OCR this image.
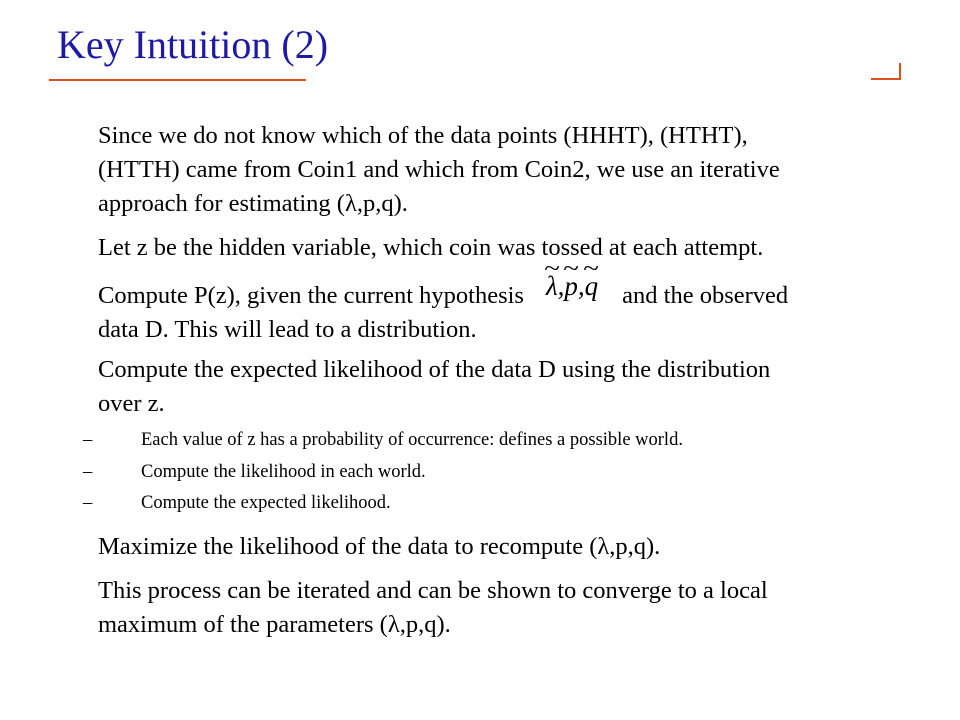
Key Intuition (2)
Since we do not know which of the data points (HHHT), (HTHT),
(HTTH) came from Coin1 and which from Coin2, we use an iterative
approach for estimating (λ,p,q).
Let z be the hidden variable, which coin was tossed at each attempt.
Compute P(z), given the current hypothesis~ λ,~ p,~ q and the observed
data D. This will lead to a distribution.
Compute the expected likelihood of the data D using the distribution
over z.
–	Each value of z has a probability of occurrence: defines a possible world.
–	Compute the likelihood in each world.
–	Compute the expected likelihood.
Maximize the likelihood of the data to recompute (λ,p,q).
This process can be iterated and can be shown to converge to a local
maximum of the parameters (λ,p,q).
